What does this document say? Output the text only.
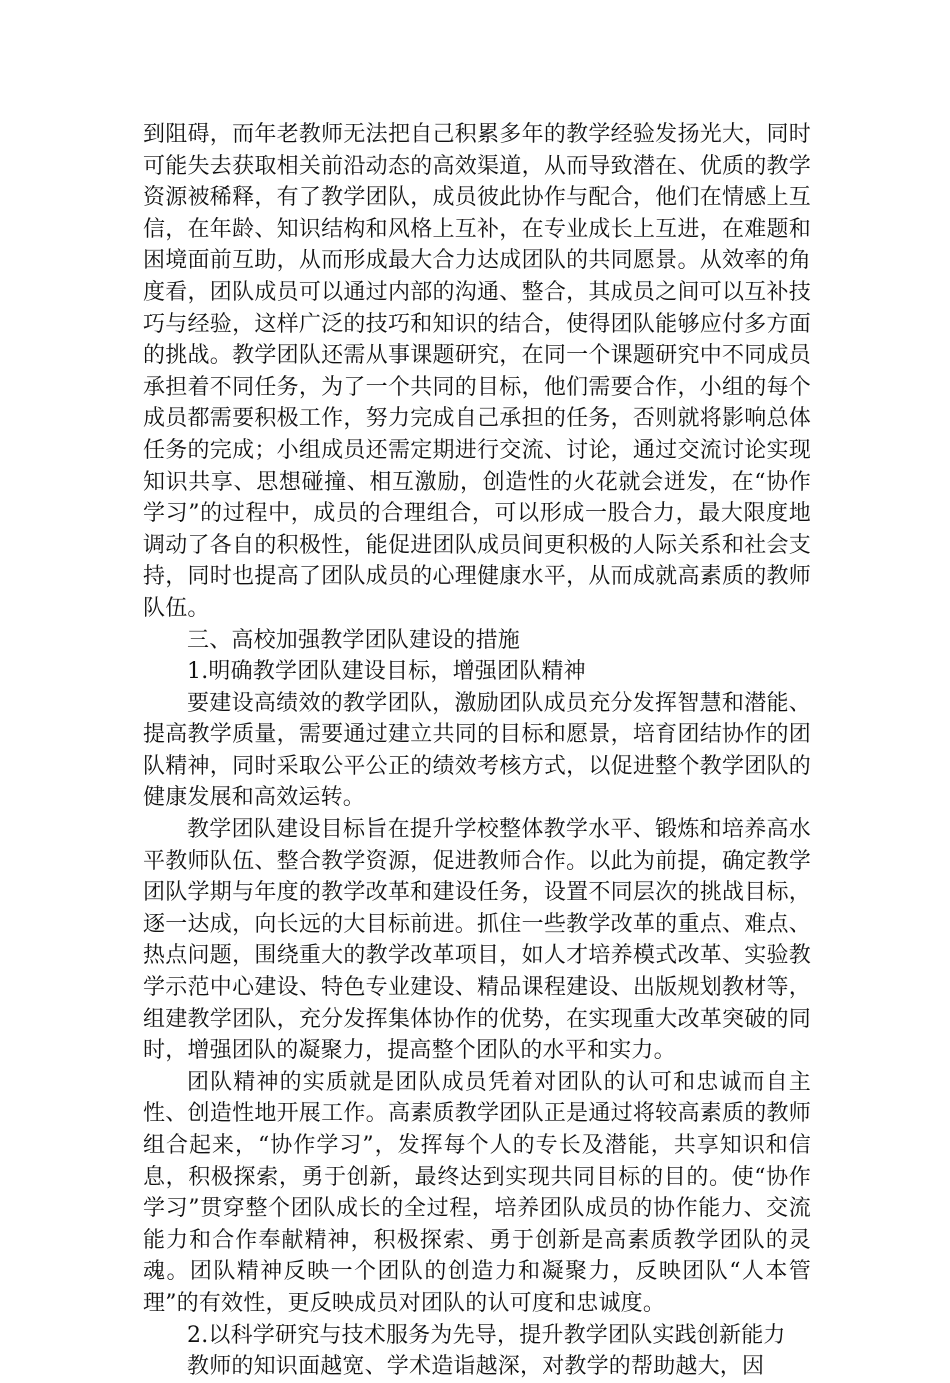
到阻碍，而年老教师无法把自己积累多年的教学经验发扬光大，同时可能失去获取相关前沿动态的高效渠道，从而导致潜在、优质的教学资源被稀释，有了教学团队，成员彼此协作与配合，他们在情感上互信，在年龄、知识结构和风格上互补，在专业成长上互进，在难题和困境面前互助，从而形成最大合力达成团队的共同愿景。从效率的角度看，团队成员可以通过内部的沟通、整合，其成员之间可以互补技巧与经验，这样广泛的技巧和知识的结合，使得团队能够应付多方面的挑战。教学团队还需从事课题研究，在同一个课题研究中不同成员承担着不同任务，为了一个共同的目标，他们需要合作，小组的每个成员都需要积极工作，努力完成自己承担的任务，否则就将影响总体任务的完成；小组成员还需定期进行交流、讨论，通过交流讨论实现知识共享、思想碰撞、相互激励，创造性的火花就会迸发，在“协作学习”的过程中，成员的合理组合，可以形成一股合力，最大限度地调动了各自的积极性，能促进团队成员间更积极的人际关系和社会支持，同时也提高了团队成员的心理健康水平，从而成就高素质的教师队伍。

三、高校加强教学团队建设的措施

1.明确教学团队建设目标，增强团队精神

要建设高绩效的教学团队，激励团队成员充分发挥智慧和潜能、提高教学质量，需要通过建立共同的目标和愿景，培育团结协作的团队精神，同时采取公平公正的绩效考核方式，以促进整个教学团队的健康发展和高效运转。

教学团队建设目标旨在提升学校整体教学水平、锻炼和培养高水平教师队伍、整合教学资源，促进教师合作。以此为前提，确定教学团队学期与年度的教学改革和建设任务，设置不同层次的挑战目标，逐一达成，向长远的大目标前进。抓住一些教学改革的重点、难点、热点问题，围绕重大的教学改革项目，如人才培养模式改革、实验教学示范中心建设、特色专业建设、精品课程建设、出版规划教材等，组建教学团队，充分发挥集体协作的优势，在实现重大改革突破的同时，增强团队的凝聚力，提高整个团队的水平和实力。

团队精神的实质就是团队成员凭着对团队的认可和忠诚而自主性、创造性地开展工作。高素质教学团队正是通过将较高素质的教师组合起来，“协作学习”，发挥每个人的专长及潜能，共享知识和信息，积极探索，勇于创新，最终达到实现共同目标的目的。使“协作学习”贯穿整个团队成长的全过程，培养团队成员的协作能力、交流能力和合作奉献精神，积极探索、勇于创新是高素质教学团队的灵魂。团队精神反映一个团队的创造力和凝聚力，反映团队“人本管理”的有效性，更反映成员对团队的认可度和忠诚度。

2.以科学研究与技术服务为先导，提升教学团队实践创新能力

教师的知识面越宽、学术造诣越深，对教学的帮助越大，因
